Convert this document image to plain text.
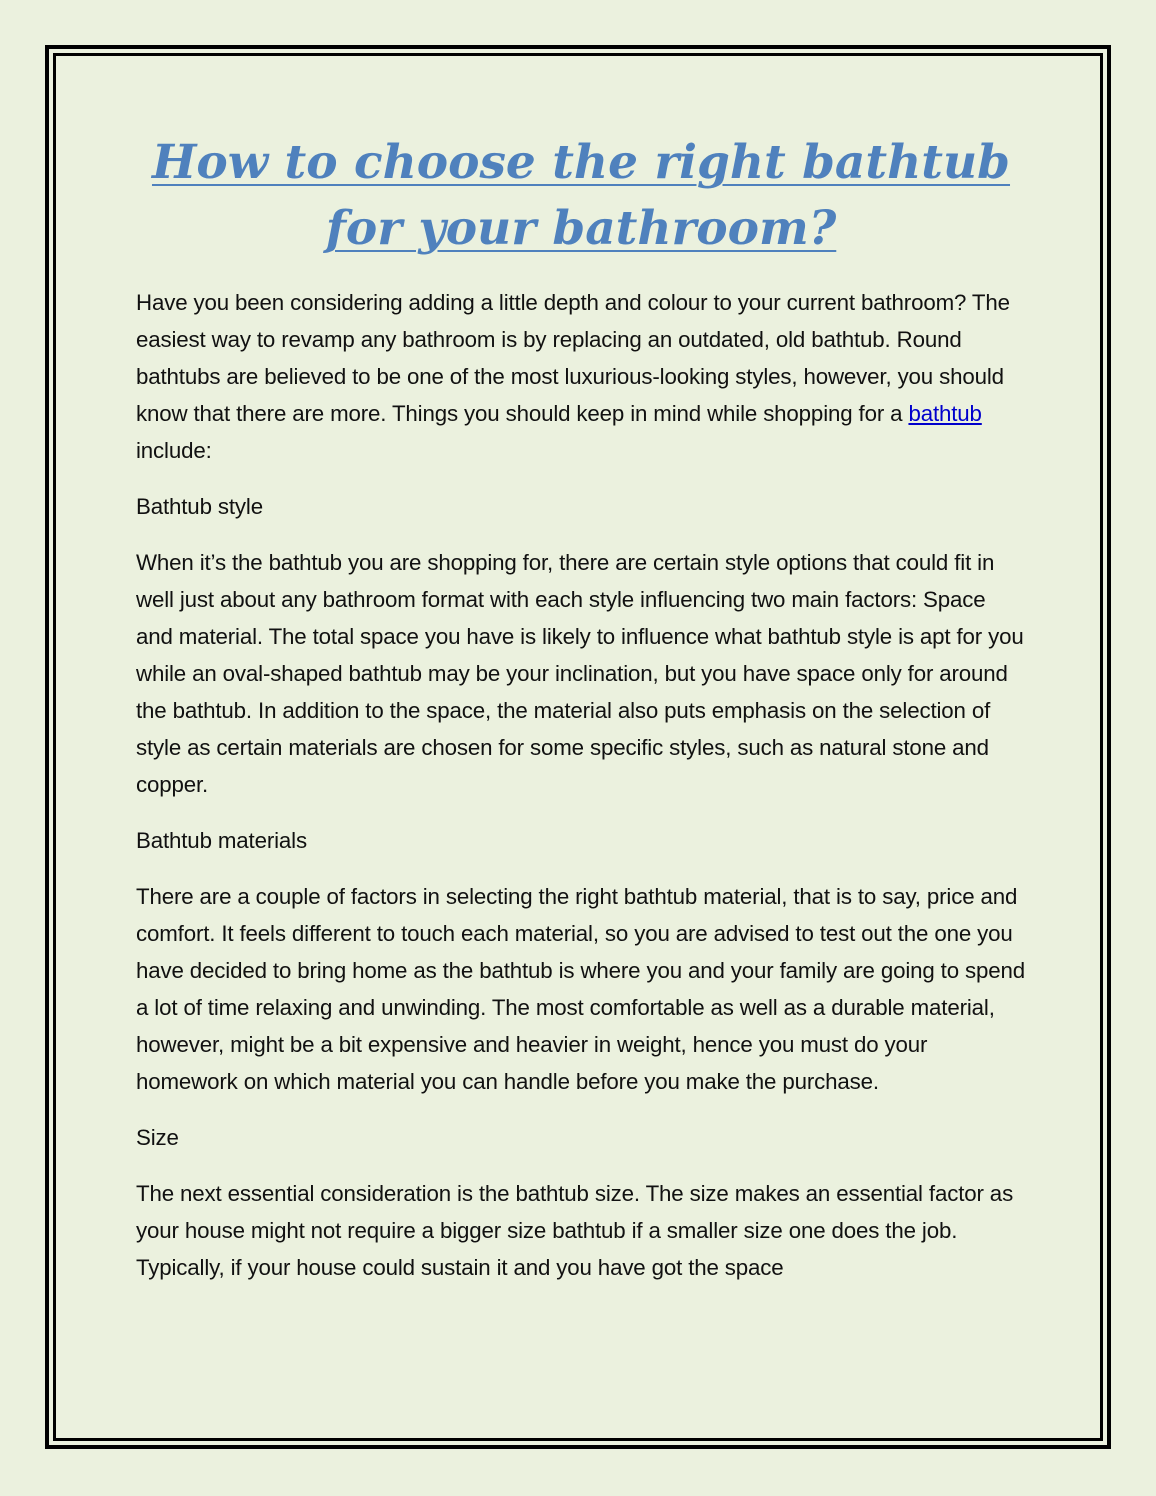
How to choose the right bathtub for your bathroom?

Have you been considering adding a little depth and colour to your current bathroom? The easiest way to revamp any bathroom is by replacing an outdated, old bathtub. Round bathtubs are believed to be one of the most luxurious-looking styles, however, you should know that there are more. Things you should keep in mind while shopping for a bathtub include:

Bathtub style

When it’s the bathtub you are shopping for, there are certain style options that could fit in well just about any bathroom format with each style influencing two main factors: Space and material. The total space you have is likely to influence what bathtub style is apt for you while an oval-shaped bathtub may be your inclination, but you have space only for around the bathtub. In addition to the space, the material also puts emphasis on the selection of style as certain materials are chosen for some specific styles, such as natural stone and copper.

Bathtub materials

There are a couple of factors in selecting the right bathtub material, that is to say, price and comfort. It feels different to touch each material, so you are advised to test out the one you have decided to bring home as the bathtub is where you and your family are going to spend a lot of time relaxing and unwinding. The most comfortable as well as a durable material, however, might be a bit expensive and heavier in weight, hence you must do your homework on which material you can handle before you make the purchase.

Size

The next essential consideration is the bathtub size. The size makes an essential factor as your house might not require a bigger size bathtub if a smaller size one does the job. Typically, if your house could sustain it and you have got the space
